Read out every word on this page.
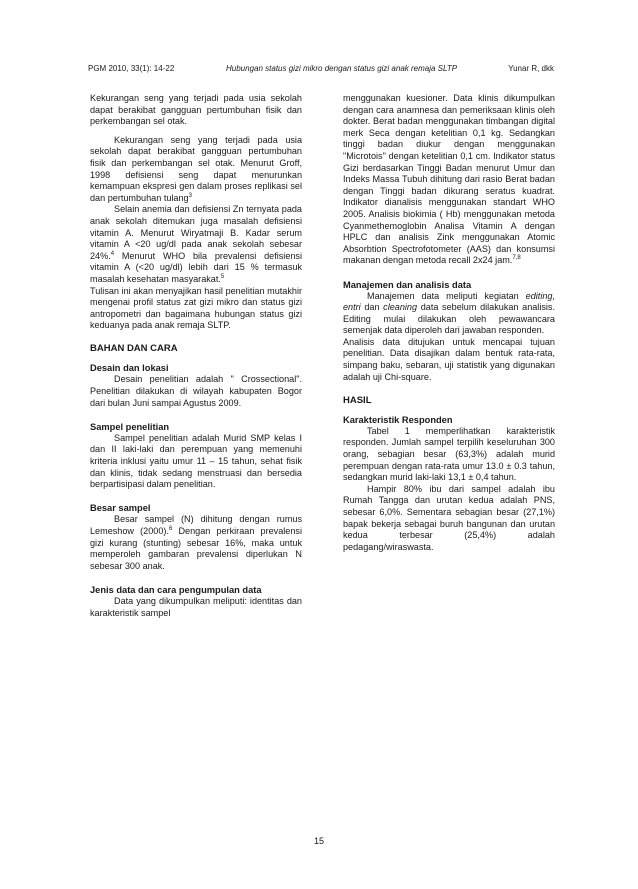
PGM 2010, 33(1): 14-22	Hubungan status gizi mikro dengan status gizi anak remaja SLTP	Yunar R, dkk

Kekurangan seng yang terjadi pada usia sekolah dapat berakibat gangguan pertumbuhan fisik dan perkembangan sel otak.

Kekurangan seng yang terjadi pada usia sekolah dapat berakibat gangguan pertumbuhan fisik dan perkembangan sel otak. Menurut Groff, 1998 defisiensi seng dapat menurunkan kemampuan ekspresi gen dalam proses replikasi sel dan pertumbuhan tulang$^3$

Selain anemia dan defisiensi Zn ternyata pada anak sekolah ditemukan juga masalah defisiensi vitamin A. Menurut Wiryatmaji B. Kadar serum vitamin A <20 ug/dl pada anak sekolah sebesar 24%.$^4$ Menurut WHO bila prevalensi defisiensi vitamin A (<20 ug/dl) lebih dari 15 % termasuk masalah kesehatan masyarakat.$^5$

Tulisan ini akan menyajikan hasil penelitian mutakhir mengenai profil status zat gizi mikro dan status gizi antropometri dan bagaimana hubungan status gizi keduanya pada anak remaja SLTP.

BAHAN DAN CARA
Desain dan lokasi

Desain penelitian adalah " Crossectional". Penelitian dilakukan di wilayah kabupaten Bogor dari bulan Juni sampai Agustus 2009.

Sampel penelitian

Sampel penelitian adalah Murid SMP kelas I dan II laki-laki dan perempuan yang memenuhi kriteria inklusi yaitu umur 11 – 15 tahun, sehat fisik dan klinis, tidak sedang menstruasi dan bersedia berpartisipasi dalam penelitian.

Besar sampel

Besar sampel (N) dihitung dengan rumus Lemeshow (2000).$^6$ Dengan perkiraan prevalensi gizi kurang (stunting) sebesar 16%, maka untuk memperoleh gambaran prevalensi diperlukan N sebesar 300 anak.

Jenis data dan cara pengumpulan data

Data yang dikumpulkan meliputi: identitas dan karakteristik sampel

menggunakan kuesioner. Data klinis dikumpulkan dengan cara anamnesa dan pemeriksaan klinis oleh dokter. Berat badan menggunakan timbangan digital merk Seca dengan ketelitian 0,1 kg. Sedangkan tinggi badan diukur dengan menggunakan "Microtois" dengan ketelitian 0,1 cm. Indikator status Gizi berdasarkan Tinggi Badan menurut Umur dan Indeks Massa Tubuh dihitung dari rasio Berat badan dengan Tinggi badan dikurang seratus kuadrat. Indikator dianalisis menggunakan standart WHO 2005. Analisis biokimia ( Hb) menggunakan metoda Cyanmethemoglobin Analisa Vitamin A dengan HPLC dan analisis Zink menggunakan Atomic Absorbtion Spectrofotometer (AAS) dan konsumsi makanan dengan metoda recall 2x24 jam.$^{7,8}$

Manajemen dan analisis data

Manajemen data meliputi kegiatan editing, entri dan cleaning data sebelum dilakukan analisis. Editing mulai dilakukan oleh pewawancara semenjak data diperoleh dari jawaban responden.

Analisis data ditujukan untuk mencapai tujuan penelitian. Data disajikan dalam bentuk rata-rata, simpang baku, sebaran, uji statistik yang digunakan adalah uji Chi-square.

HASIL
Karakteristik Responden

Tabel 1 memperlihatkan karakteristik responden. Jumlah sampel terpilih keseluruhan 300 orang, sebagian besar (63,3%) adalah murid perempuan dengan rata-rata umur 13.0 ± 0.3 tahun, sedangkan murid laki-laki 13,1 ± 0,4 tahun.

Hampir 80% ibu dari sampel adalah ibu Rumah Tangga dan urutan kedua adalah PNS, sebesar 6,0%. Sementara sebagian besar (27,1%) bapak bekerja sebagai buruh bangunan dan urutan kedua terbesar (25,4%) adalah pedagang/wiraswasta.

15
